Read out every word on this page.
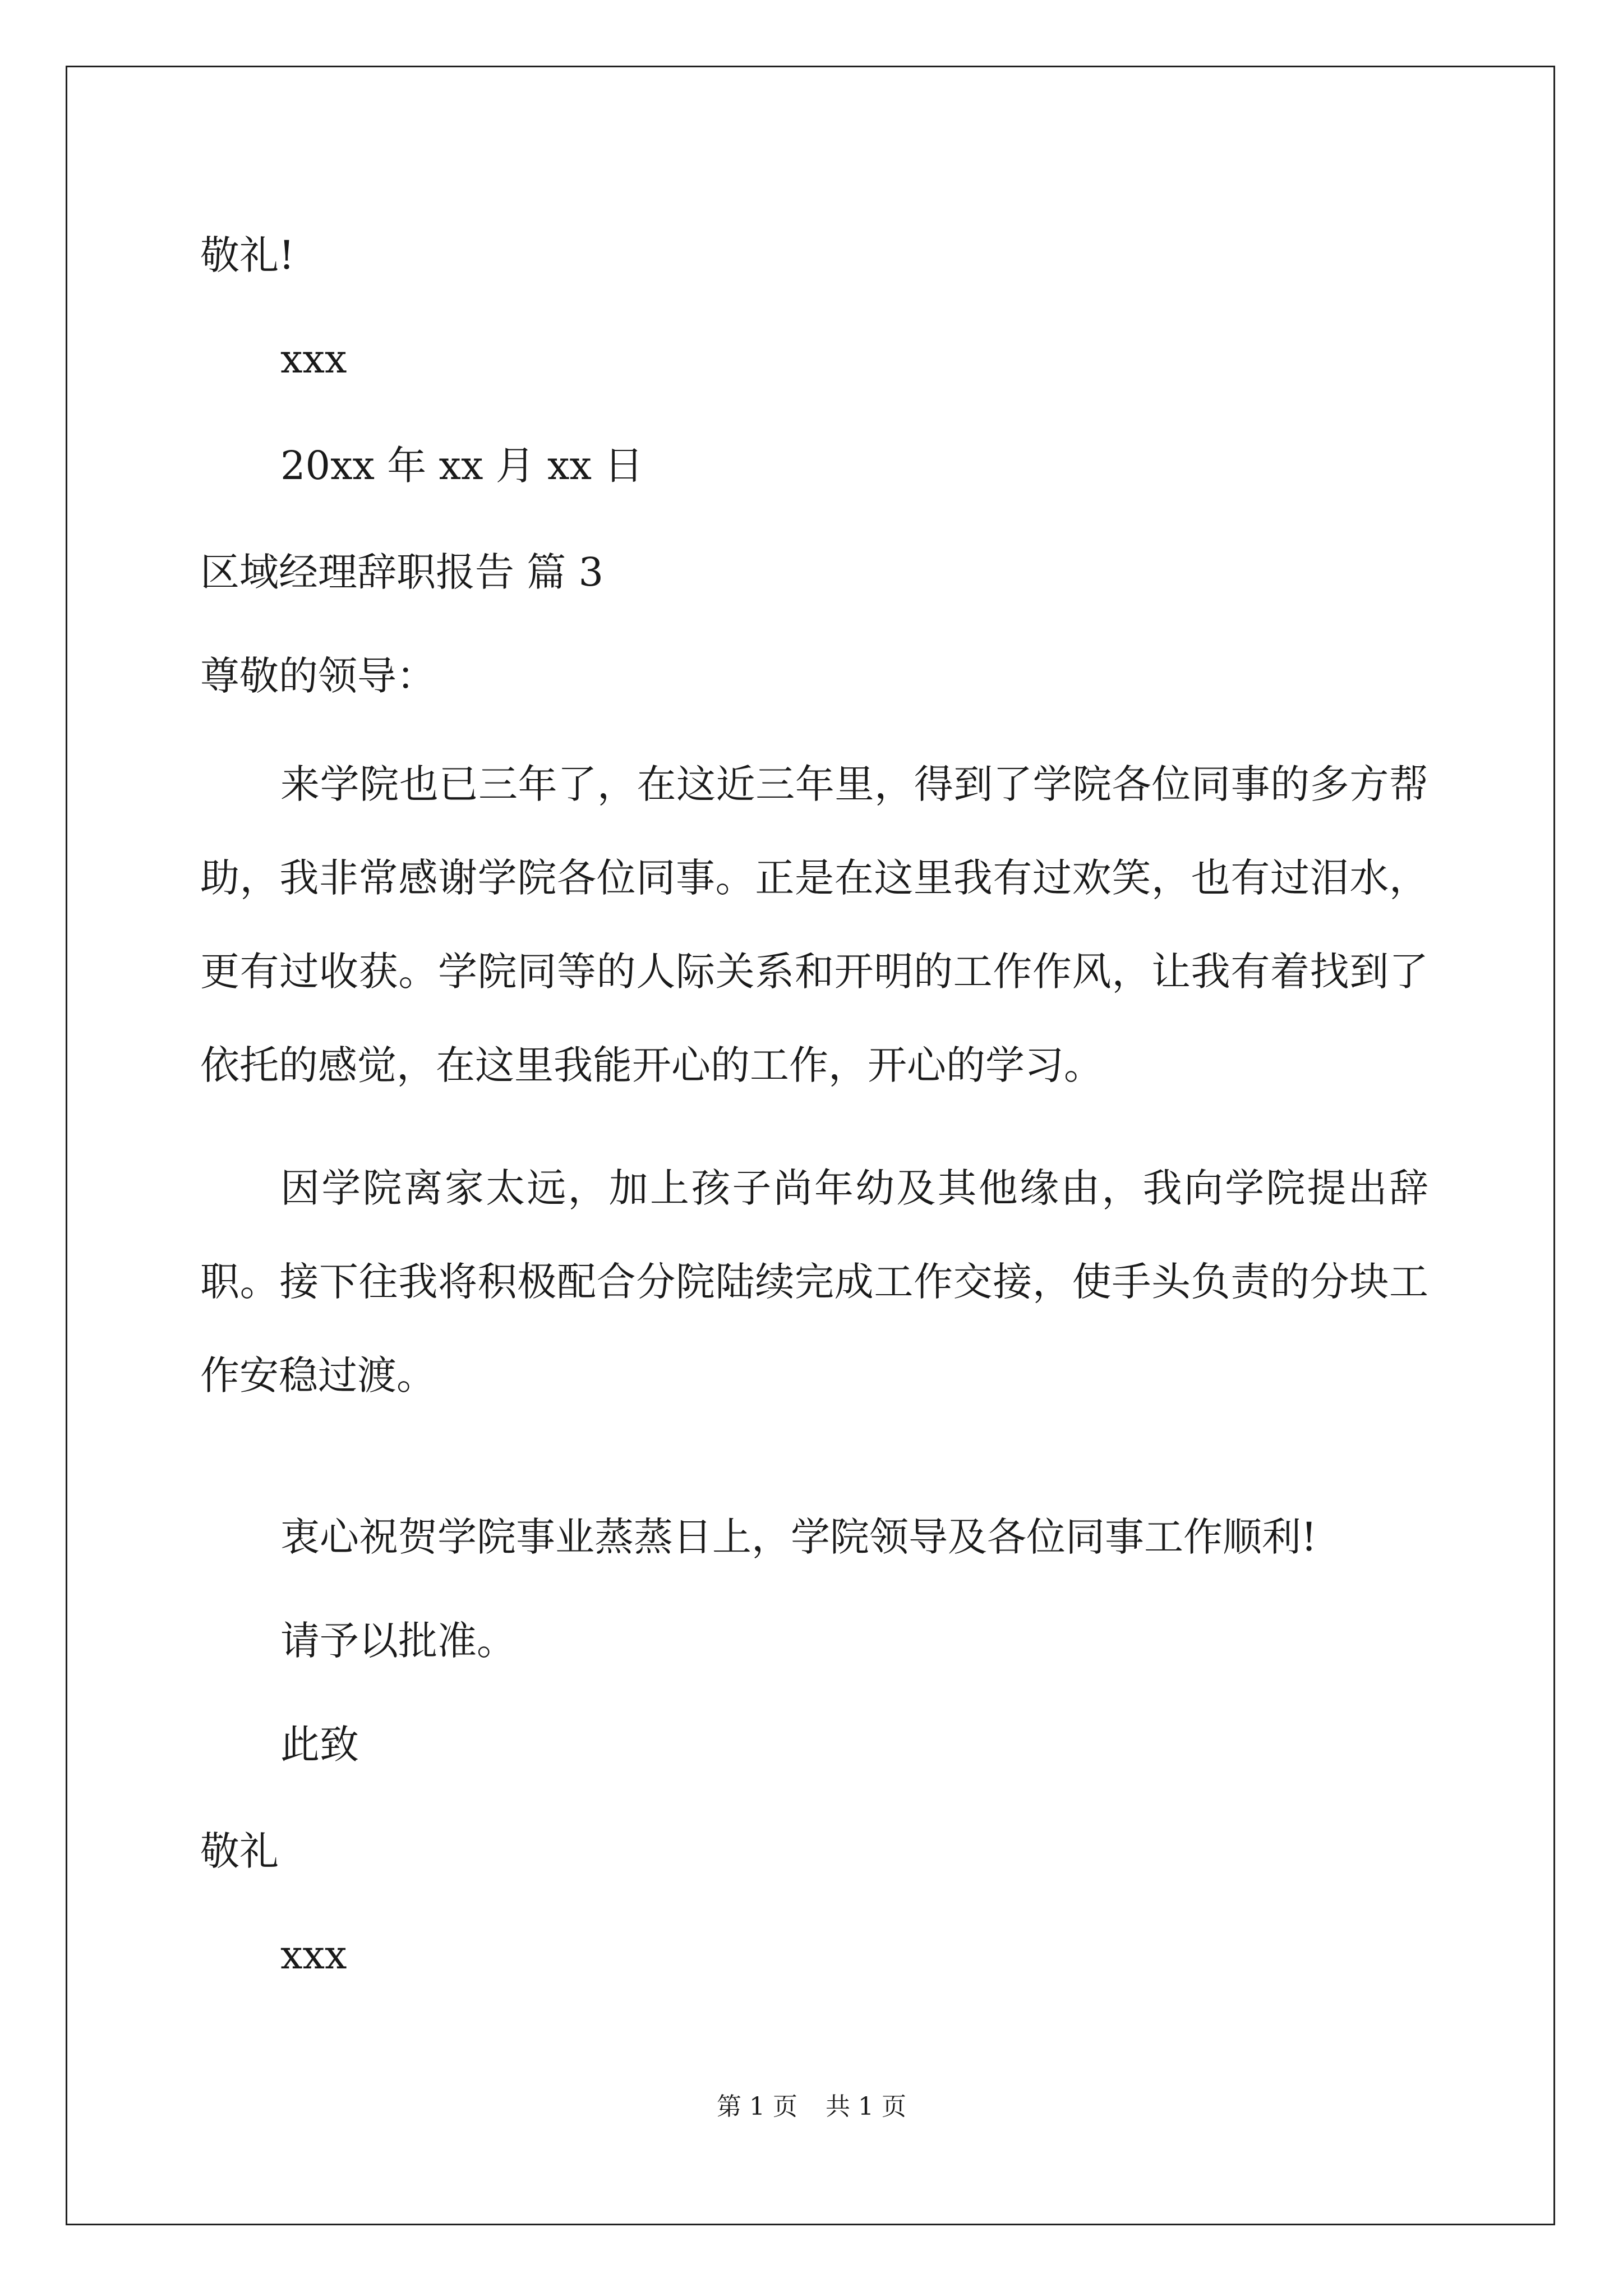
敬礼!
xxx
20xx 年 xx 月 xx 日
区域经理辞职报告 篇 3
尊敬的领导：
来学院也已三年了，在这近三年里，得到了学院各位同事的多方帮助，我非常感谢学院各位同事。正是在这里我有过欢笑，也有过泪水，更有过收获。学院同等的人际关系和开明的工作作风，让我有着找到了依托的感觉，在这里我能开心的工作，开心的学习。
因学院离家太远，加上孩子尚年幼及其他缘由，我向学院提出辞职。接下往我将积极配合分院陆续完成工作交接，使手头负责的分块工作安稳过渡。
衷心祝贺学院事业蒸蒸日上，学院领导及各位同事工作顺利!
请予以批准。
此致
敬礼
xxx
第 1 页 共 1 页
